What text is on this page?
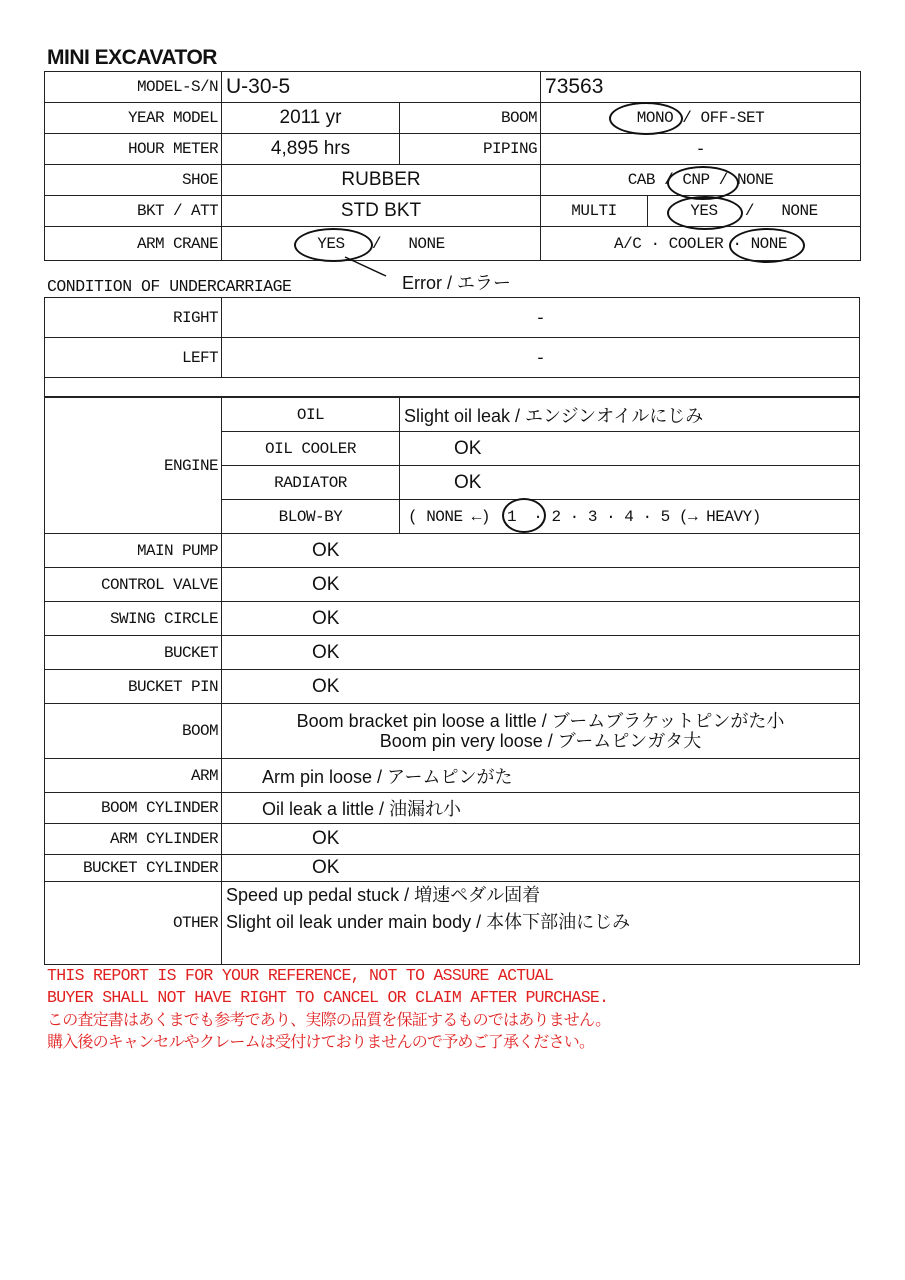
MINI EXCAVATOR
MODEL-S/N	U-30-5		73563	
YEAR MODEL	2011 yr	BOOM	MONO / OFF-SET	
HOUR METER	4,895 hrs	PIPING	-	
SHOE	RUBBER		CAB / CNP / NONE	
BKT / ATT	STD BKT		MULTI	YES / NONE
ARM CRANE	YES / NONE		A/C · COOLER · NONE	
Error / エラー
CONDITION OF UNDERCARRIAGE
RIGHT	-
LEFT	-

ENGINE	OIL	Slight oil leak / エンジンオイルにじみ
	OIL COOLER	OK
	RADIATOR	OK
	BLOW-BY	( NONE ←) 1 · 2 · 3 · 4 · 5 (→ HEAVY)
MAIN PUMP	OK	
CONTROL VALVE	OK	
SWING CIRCLE	OK	
BUCKET	OK	
BUCKET PIN	OK	
BOOM	Boom bracket pin loose a little / ブームブラケットピンがた小
Boom pin very loose / ブームピンガタ大	

ARM	Arm pin loose / アームピンがた	
BOOM CYLINDER	Oil leak a little / 油漏れ小	
ARM CYLINDER	OK	
BUCKET CYLINDER	OK	
OTHER	Speed up pedal stuck / 増速ペダル固着
Slight oil leak under main body / 本体下部油にじみ	
THIS REPORT IS FOR YOUR REFERENCE, NOT TO ASSURE ACTUAL
BUYER SHALL NOT HAVE RIGHT TO CANCEL OR CLAIM AFTER PURCHASE.
この査定書はあくまでも参考であり、実際の品質を保証するものではありません。
購入後のキャンセルやクレームは受付けておりませんので予めご了承ください。
